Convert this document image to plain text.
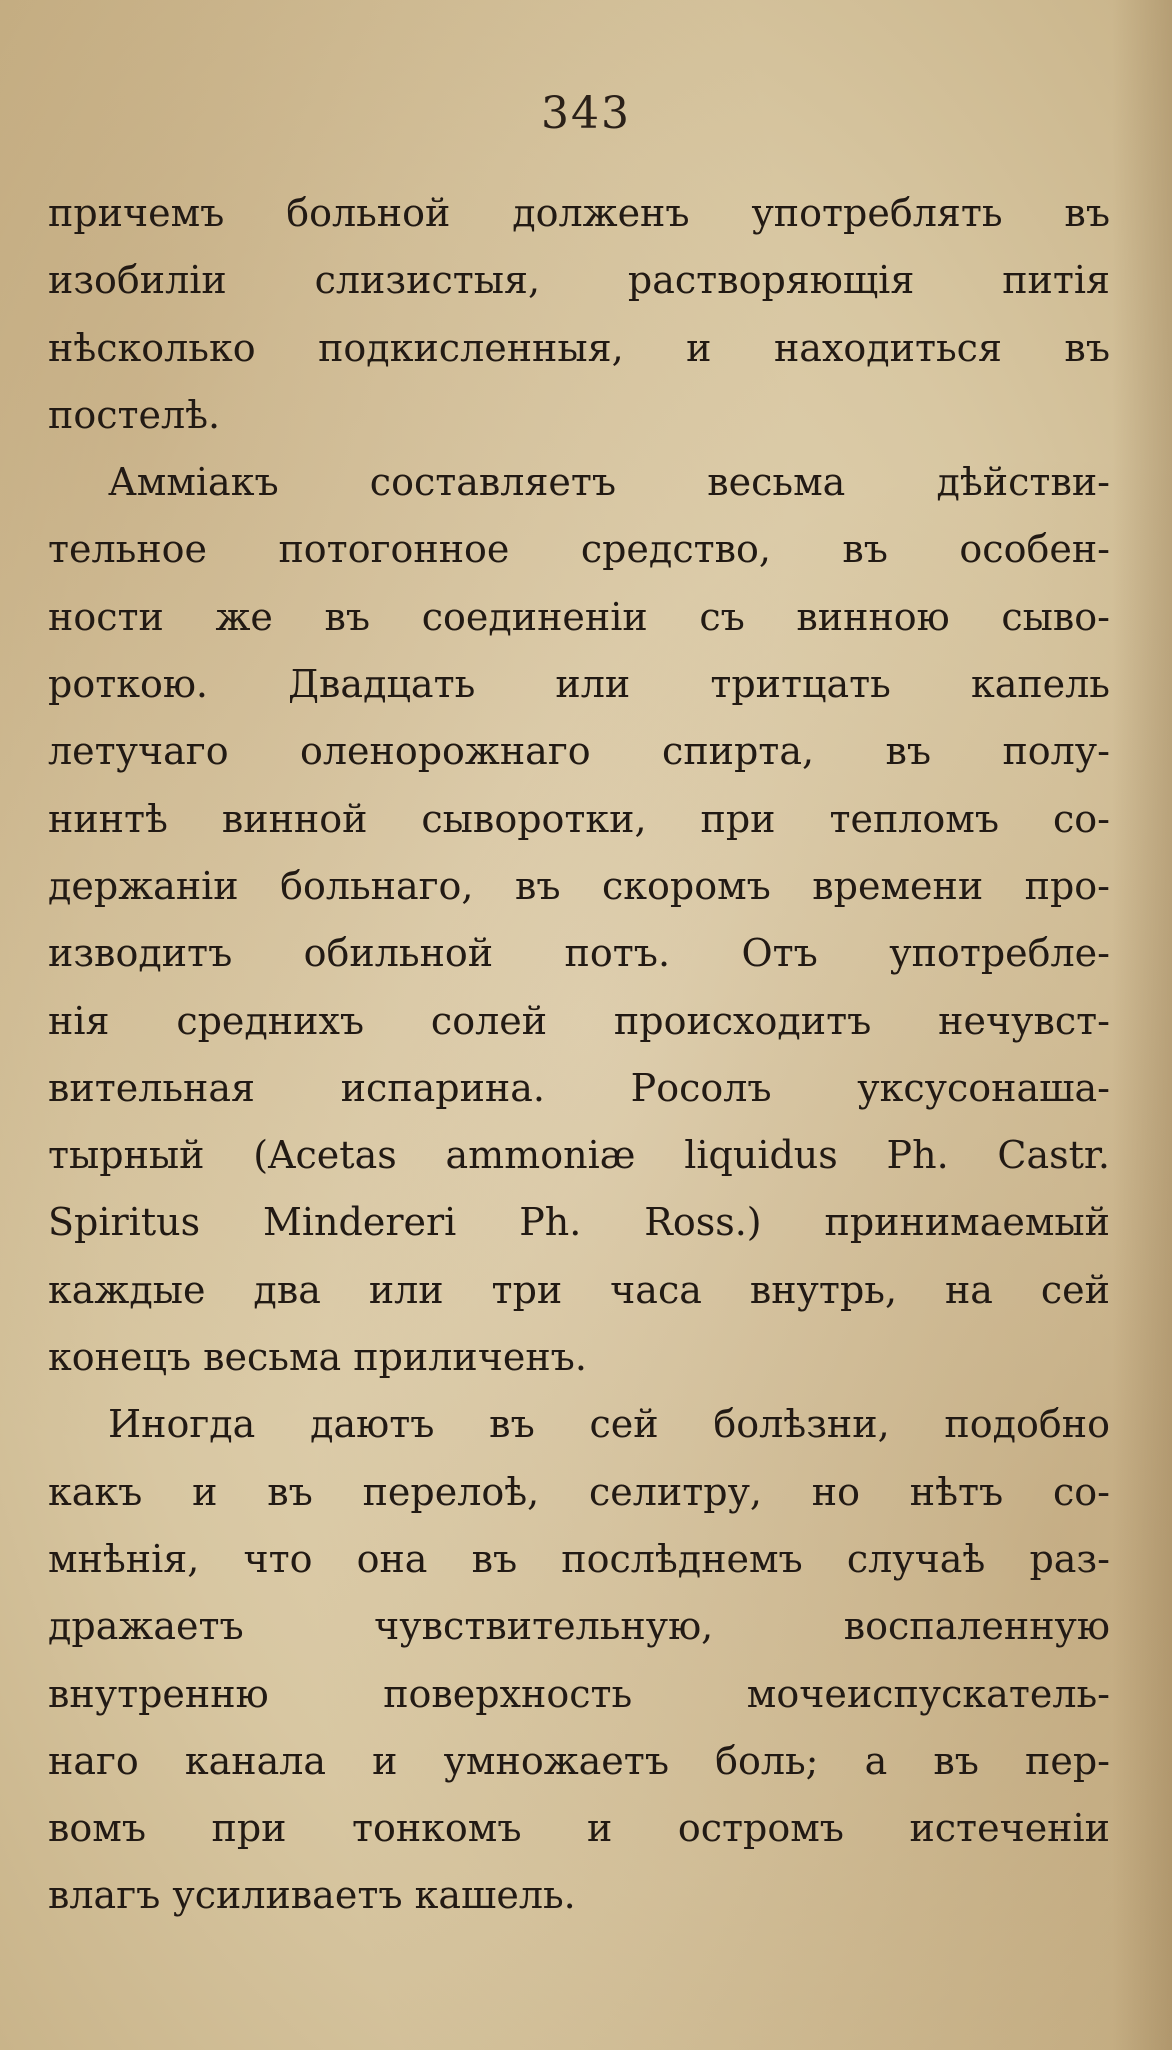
343
причемъ больной долженъ употреблять въ
изобиліи слизистыя, растворяющія питія
нѣсколько подкисленныя, и находиться въ
постелѣ.
Амміакъ составляетъ весьма дѣйстви-
тельное потогонное средство, въ особен-
ности же въ соединеніи съ винною сыво-
роткою. Двадцать или тритцать капель
летучаго оленорожнаго спирта, въ полу-
нинтѣ винной сыворотки, при тепломъ со-
держаніи больнаго, въ скоромъ времени про-
изводитъ обильной потъ. Отъ употребле-
нія среднихъ солей происходитъ нечувст-
вительная испарина. Росолъ уксусонаша-
тырный (Acetas ammoniæ liquidus Ph. Castr.
Spiritus Mindereri Ph. Ross.) принимаемый
каждые два или три часа внутрь, на сей
конецъ весьма приличенъ.
Иногда даютъ въ сей болѣзни, подобно
какъ и въ перелоѣ, селитру, но нѣтъ со-
мнѣнія, что она въ послѣднемъ случаѣ раз-
дражаетъ чувствительную, воспаленную
внутренню поверхность мочеиспускатель-
наго канала и умножаетъ боль; а въ пер-
вомъ при тонкомъ и остромъ истеченіи
влагъ усиливаетъ кашель.
